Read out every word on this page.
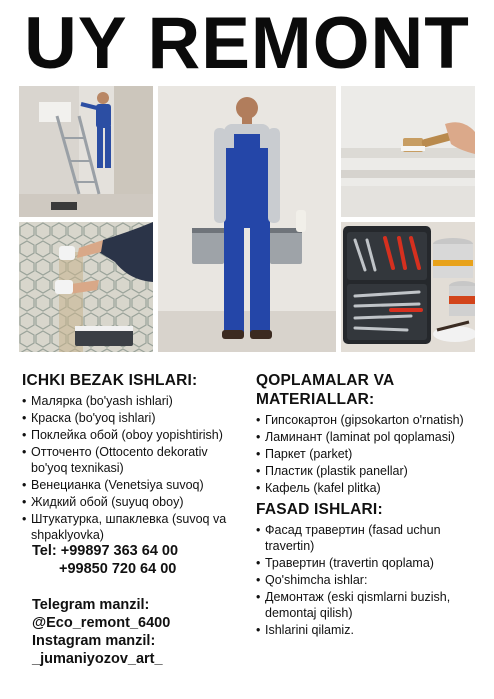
UY REMONT
ICHKI BEZAK ISHLARI:
• Малярка (bo'yash ishlari)
• Краска (bo'yoq ishlari)
• Поклейка обой (oboy yopishtirish)
• Отточенто (Ottocento dekorativ bo'yoq texnikasi)
• Венецианка (Venetsiya suvoq)
• Жидкий обой (suyuq oboy)
• Штукатурка, шпаклевка (suvoq va shpaklyovka)
Tel: +99897 363 64 00
+99850 720 64 00
Telegram manzil:
@Eco_remont_6400
Instagram manzil:
_jumaniyozov_art_
QOPLAMALAR VA MATERIALLAR:
• Гипсокартон (gipsokarton o'rnatish)
• Ламинант (laminat pol qoplamasi)
• Паркет (parket)
• Пластик (plastik panellar)
• Кафель (kafel plitka)
FASAD ISHLARI:
• Фасад травертин (fasad uchun travertin)
• Травертин (travertin qoplama)
• Qo'shimcha ishlar:
• Демонтаж (eski qismlarni buzish, demontaj qilish)
• Ishlarini qilamiz.
